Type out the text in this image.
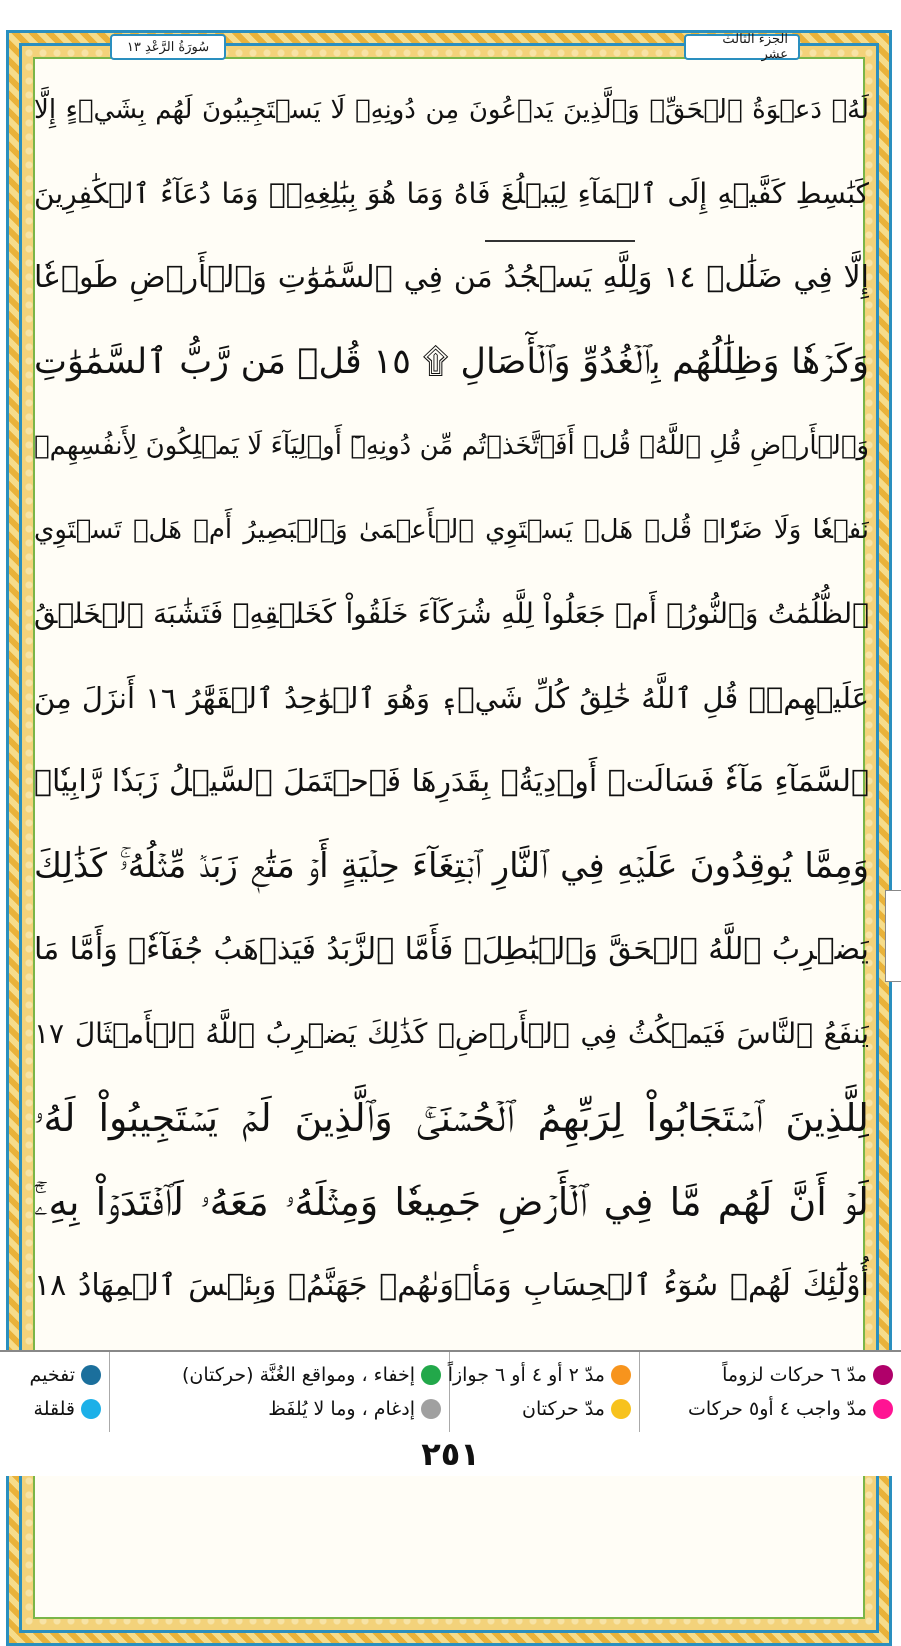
سُورَةُ الرَّعْدِ ١٣	الجزء الثالث عشر
لَهُۥ دَعۡوَةُ ٱلۡحَقِّۖ وَٱلَّذِينَ يَدۡعُونَ مِن دُونِهِۦ لَا يَسۡتَجِيبُونَ لَهُم بِشَيۡءٍ إِلَّا
كَبَٰسِطِ كَفَّيۡهِ إِلَى ٱلۡمَآءِ لِيَبۡلُغَ فَاهُ وَمَا هُوَ بِبَٰلِغِهِۦۚ وَمَا دُعَآءُ ٱلۡكَٰفِرِينَ
إِلَّا فِي ضَلَٰلٖ ١٤ وَلِلَّهِ يَسۡجُدُ مَن فِي ٱلسَّمَٰوَٰتِ وَٱلۡأَرۡضِ طَوۡعٗا
وَكَرۡهٗا وَظِلَٰلُهُم بِٱلۡغُدُوِّ وَٱلۡأٓصَالِ ۩ ١٥ قُلۡ مَن رَّبُّ ٱلسَّمَٰوَٰتِ
وَٱلۡأَرۡضِ قُلِ ٱللَّهُۚ قُلۡ أَفَٱتَّخَذۡتُم مِّن دُونِهِۦٓ أَوۡلِيَآءَ لَا يَمۡلِكُونَ لِأَنفُسِهِمۡ
نَفۡعٗا وَلَا ضَرّٗاۚ قُلۡ هَلۡ يَسۡتَوِي ٱلۡأَعۡمَىٰ وَٱلۡبَصِيرُ أَمۡ هَلۡ تَسۡتَوِي
ٱلظُّلُمَٰتُ وَٱلنُّورُۗ أَمۡ جَعَلُواْ لِلَّهِ شُرَكَآءَ خَلَقُواْ كَخَلۡقِهِۦ فَتَشَٰبَهَ ٱلۡخَلۡقُ
عَلَيۡهِمۡۚ قُلِ ٱللَّهُ خَٰلِقُ كُلِّ شَيۡءٖ وَهُوَ ٱلۡوَٰحِدُ ٱلۡقَهَّٰرُ ١٦ أَنزَلَ مِنَ
ٱلسَّمَآءِ مَآءٗ فَسَالَتۡ أَوۡدِيَةُۢ بِقَدَرِهَا فَٱحۡتَمَلَ ٱلسَّيۡلُ زَبَدٗا رَّابِيٗاۖ
وَمِمَّا يُوقِدُونَ عَلَيۡهِ فِي ٱلنَّارِ ٱبۡتِغَآءَ حِلۡيَةٍ أَوۡ مَتَٰعٖ زَبَدٞ مِّثۡلُهُۥۚ كَذَٰلِكَ
يَضۡرِبُ ٱللَّهُ ٱلۡحَقَّ وَٱلۡبَٰطِلَۚ فَأَمَّا ٱلزَّبَدُ فَيَذۡهَبُ جُفَآءٗۖ وَأَمَّا مَا
يَنفَعُ ٱلنَّاسَ فَيَمۡكُثُ فِي ٱلۡأَرۡضِۚ كَذَٰلِكَ يَضۡرِبُ ٱللَّهُ ٱلۡأَمۡثَالَ ١٧
لِلَّذِينَ ٱسۡتَجَابُواْ لِرَبِّهِمُ ٱلۡحُسۡنَىٰۚ وَٱلَّذِينَ لَمۡ يَسۡتَجِيبُواْ لَهُۥ
لَوۡ أَنَّ لَهُم مَّا فِي ٱلۡأَرۡضِ جَمِيعٗا وَمِثۡلَهُۥ مَعَهُۥ لَٱفۡتَدَوۡاْ بِهِۦٓۚ
أُوْلَٰٓئِكَ لَهُمۡ سُوٓءُ ٱلۡحِسَابِ وَمَأۡوَىٰهُمۡ جَهَنَّمُۖ وَبِئۡسَ ٱلۡمِهَادُ ١٨
مدّ ٦ حركات لزوماً
مدّ واجب ٤ أو٥ حركات
مدّ ٢ أو ٤ أو ٦ جوازاً
مدّ حركتان
إخفاء ، ومواقع الغُنَّة (حركتان)
إدغام ، وما لا يُلفَظ
تفخيم
قلقلة
٢٥١
